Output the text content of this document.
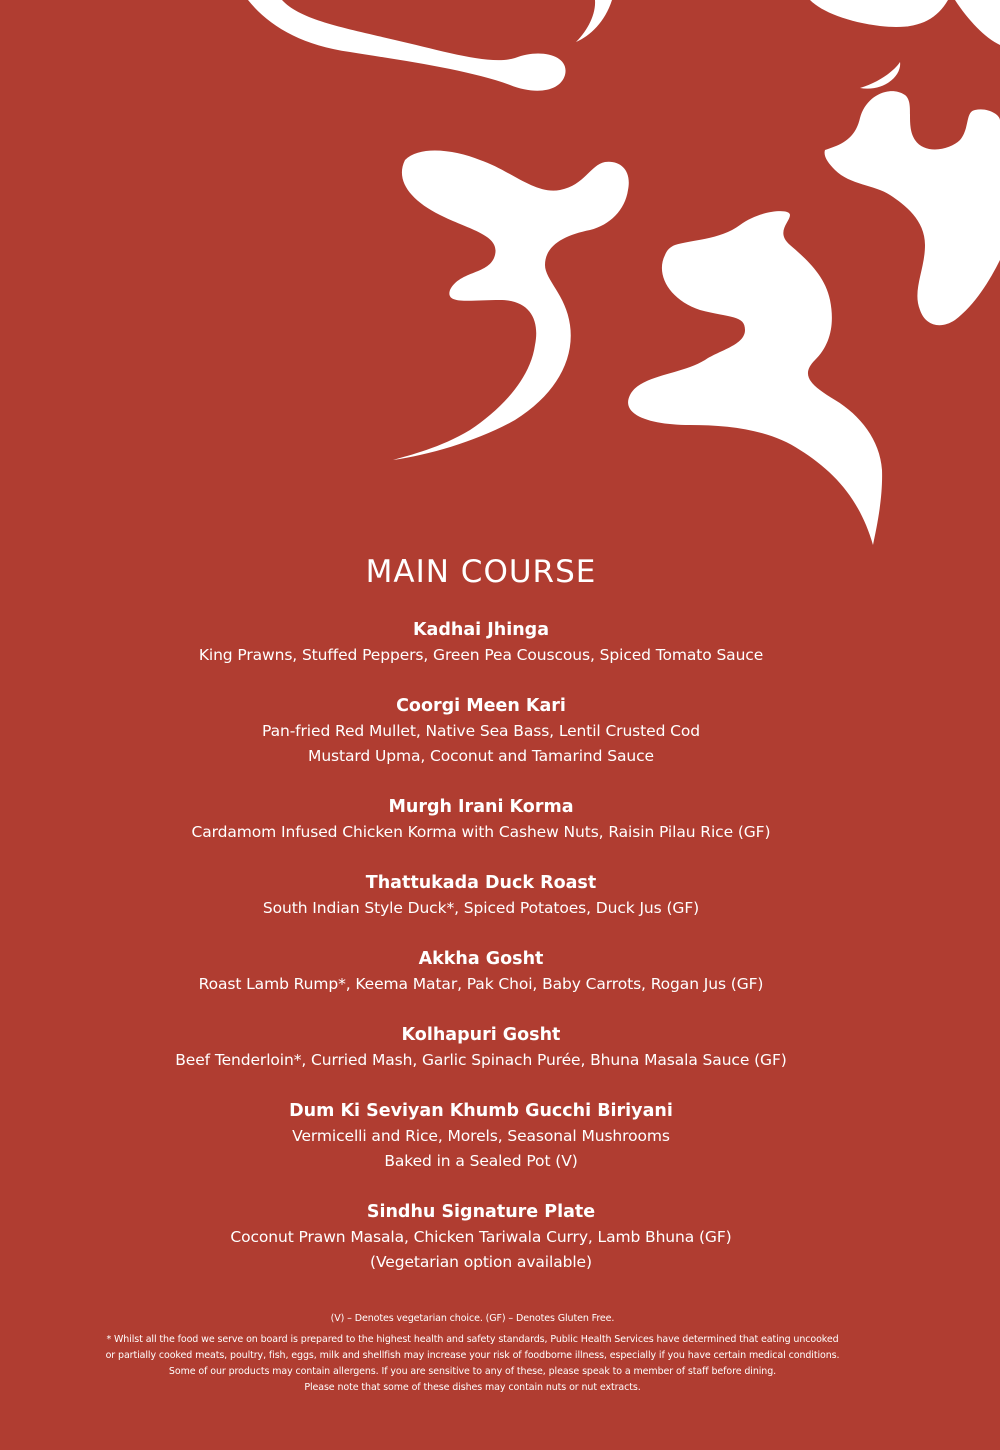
MAIN COURSE
Kadhai Jhinga
King Prawns, Stuffed Peppers, Green Pea Couscous, Spiced Tomato Sauce
Coorgi Meen Kari
Pan-fried Red Mullet, Native Sea Bass, Lentil Crusted Cod
Mustard Upma, Coconut and Tamarind Sauce
Murgh Irani Korma
Cardamom Infused Chicken Korma with Cashew Nuts, Raisin Pilau Rice (GF)
Thattukada Duck Roast
South Indian Style Duck*, Spiced Potatoes, Duck Jus (GF)
Akkha Gosht
Roast Lamb Rump*, Keema Matar, Pak Choi, Baby Carrots, Rogan Jus (GF)
Kolhapuri Gosht
Beef Tenderloin*, Curried Mash, Garlic Spinach Purée, Bhuna Masala Sauce (GF)
Dum Ki Seviyan Khumb Gucchi Biriyani
Vermicelli and Rice, Morels, Seasonal Mushrooms
Baked in a Sealed Pot (V)
Sindhu Signature Plate
Coconut Prawn Masala, Chicken Tariwala Curry, Lamb Bhuna (GF)
(Vegetarian option available)
(V) – Denotes vegetarian choice. (GF) – Denotes Gluten Free.
* Whilst all the food we serve on board is prepared to the highest health and safety standards, Public Health Services have determined that eating uncooked
or partially cooked meats, poultry, fish, eggs, milk and shellfish may increase your risk of foodborne illness, especially if you have certain medical conditions.
Some of our products may contain allergens. If you are sensitive to any of these, please speak to a member of staff before dining.
Please note that some of these dishes may contain nuts or nut extracts.
